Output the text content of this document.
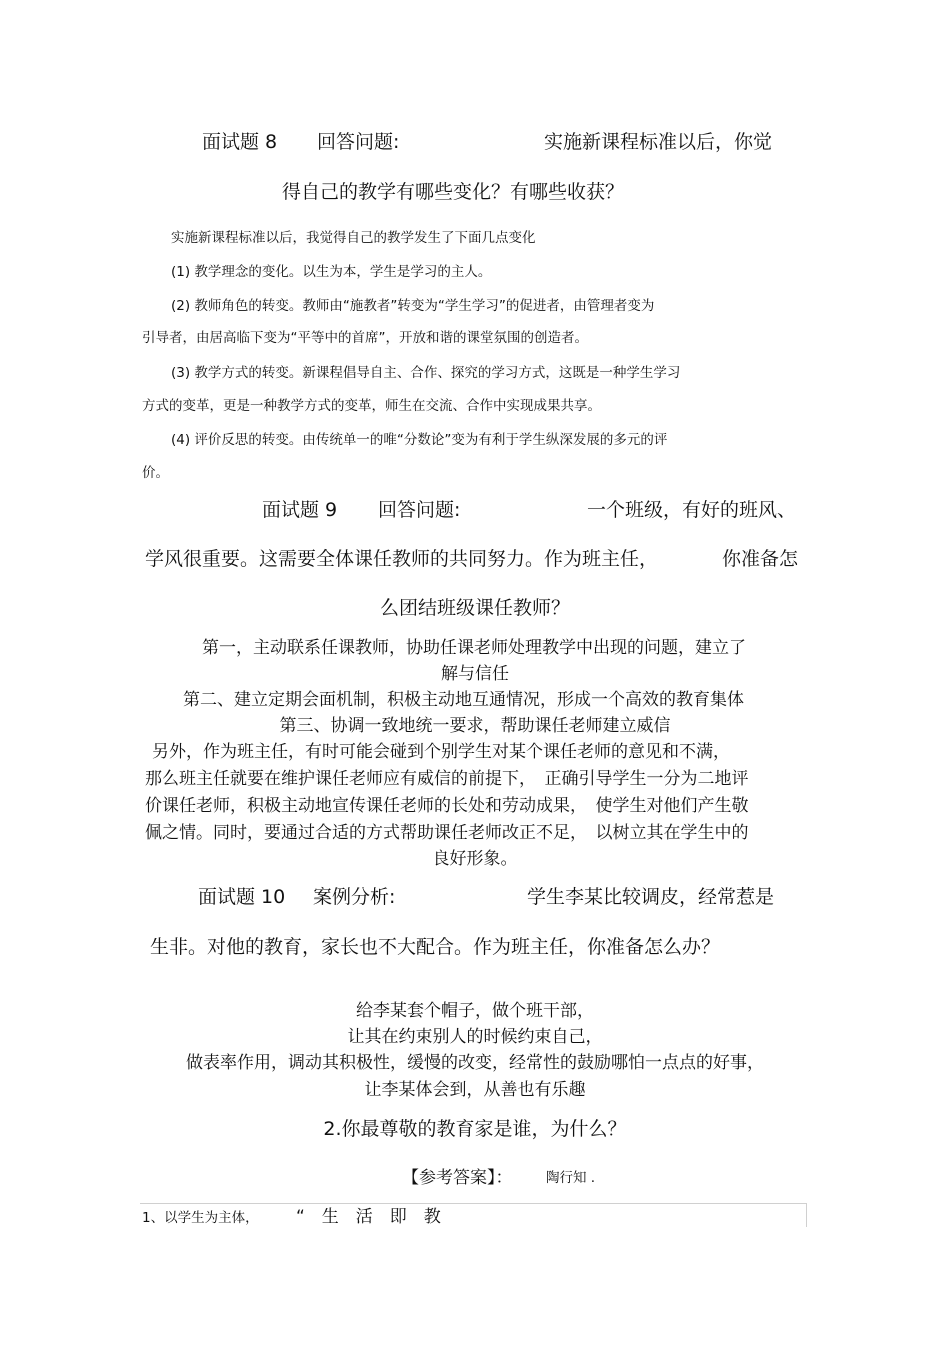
面试题 8 回答问题:	实施新课程标准以后，你觉
得自己的教学有哪些变化？有哪些收获？
实施新课程标准以后，我觉得自己的教学发生了下面几点变化
(1) 教学理念的变化。以生为本，学生是学习的主人。
(2) 教师角色的转变。教师由“施教者”转变为“学生学习”的促进者，由管理者变为
引导者，由居高临下变为“平等中的首席”，开放和谐的课堂氛围的创造者。
(3) 教学方式的转变。新课程倡导自主、合作、探究的学习方式，这既是一种学生学习
方式的变革，更是一种教学方式的变革，师生在交流、合作中实现成果共享。
(4) 评价反思的转变。由传统单一的唯“分数论”变为有利于学生纵深发展的多元的评
价。
面试题 9 回答问题:	一个班级，有好的班风、
学风很重要。这需要全体课任教师的共同努力。作为班主任，	你准备怎
么团结班级课任教师？
第一，主动联系任课教师，协助任课老师处理教学中出现的问题，建立了
解与信任
第二、建立定期会面机制，积极主动地互通情况，形成一个高效的教育集体
第三、协调一致地统一要求，帮助课任老师建立威信
另外，作为班主任，有时可能会碰到个别学生对某个课任老师的意见和不满，
那么班主任就要在维护课任老师应有威信的前提下，　正确引导学生一分为二地评
价课任老师，积极主动地宣传课任老师的长处和劳动成果，　使学生对他们产生敬
佩之情。同时，要通过合适的方式帮助课任老师改正不足，　以树立其在学生中的
良好形象。
面试题 10 案例分析:	学生李某比较调皮，经常惹是
生非。对他的教育，家长也不大配合。作为班主任，你准备怎么办？
给李某套个帽子，做个班干部，
让其在约束别人的时候约束自己，
做表率作用，调动其积极性，缓慢的改变，经常性的鼓励哪怕一点点的好事，
让李某体会到，从善也有乐趣
2.你最尊敬的教育家是谁，为什么？
【参考答案】： 陶行知 .
1、以学生为主体， “　生　活　即　教
